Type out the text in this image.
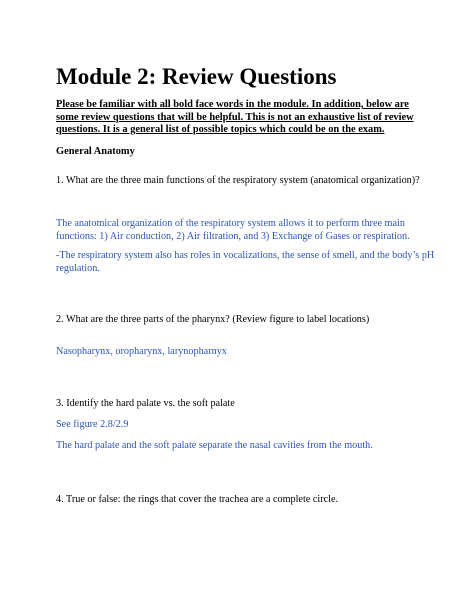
Module 2: Review Questions

Please be familiar with all bold face words in the module. In addition, below are some review questions that will be helpful. This is not an exhaustive list of review questions. It is a general list of possible topics which could be on the exam.

General Anatomy

1. What are the three main functions of the respiratory system (anatomical organization)?

The anatomical organization of the respiratory system allows it to perform three main functions: 1) Air conduction, 2) Air filtration, and 3) Exchange of Gases or respiration.

-The respiratory system also has roles in vocalizations, the sense of smell, and the body’s pH regulation.

2. What are the three parts of the pharynx? (Review figure to label locations)

Nasopharynx, oropharynx, larynopharnyx

3. Identify the hard palate vs. the soft palate

See figure 2.8/2.9

The hard palate and the soft palate separate the nasal cavities from the mouth.

4. True or false: the rings that cover the trachea are a complete circle.
